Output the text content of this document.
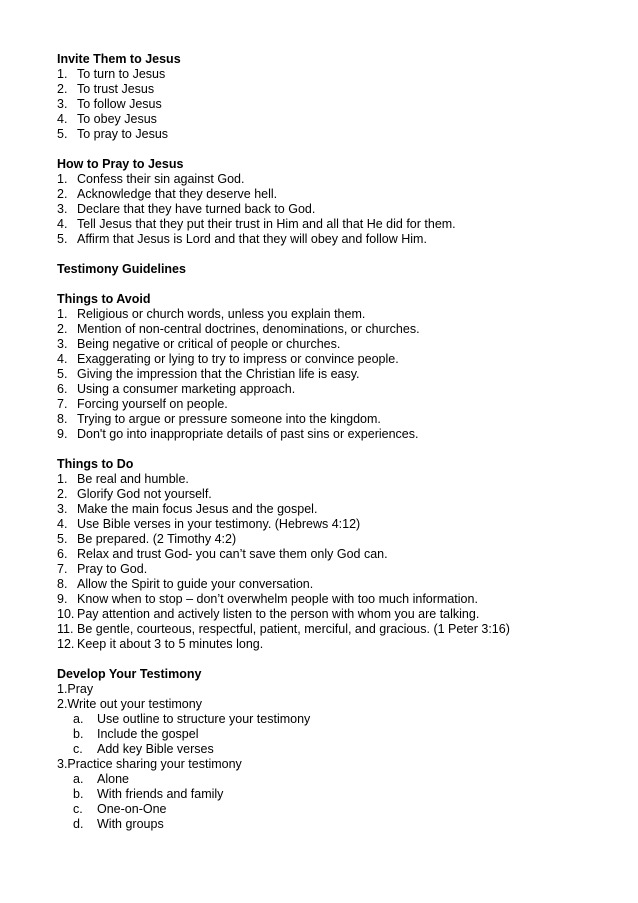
Invite Them to Jesus
1. To turn to Jesus
2. To trust Jesus
3. To follow Jesus
4. To obey Jesus
5. To pray to Jesus
How to Pray to Jesus
1. Confess their sin against God.
2. Acknowledge that they deserve hell.
3. Declare that they have turned back to God.
4. Tell Jesus that they put their trust in Him and all that He did for them.
5. Affirm that Jesus is Lord and that they will obey and follow Him.
Testimony Guidelines
Things to Avoid
1. Religious or church words, unless you explain them.
2. Mention of non-central doctrines, denominations, or churches.
3. Being negative or critical of people or churches.
4. Exaggerating or lying to try to impress or convince people.
5. Giving the impression that the Christian life is easy.
6. Using a consumer marketing approach.
7. Forcing yourself on people.
8. Trying to argue or pressure someone into the kingdom.
9. Don't go into inappropriate details of past sins or experiences.
Things to Do
1. Be real and humble.
2. Glorify God not yourself.
3. Make the main focus Jesus and the gospel.
4. Use Bible verses in your testimony. (Hebrews 4:12)
5. Be prepared. (2 Timothy 4:2)
6. Relax and trust God- you can’t save them only God can.
7. Pray to God.
8. Allow the Spirit to guide your conversation.
9. Know when to stop – don’t overwhelm people with too much information.
10. Pay attention and actively listen to the person with whom you are talking.
11. Be gentle, courteous, respectful, patient, merciful, and gracious. (1 Peter 3:16)
12. Keep it about 3 to 5 minutes long.
Develop Your Testimony
1.Pray
2.Write out your testimony
a. Use outline to structure your testimony
b. Include the gospel
c. Add key Bible verses
3.Practice sharing your testimony
a. Alone
b. With friends and family
c. One-on-One
d. With groups
